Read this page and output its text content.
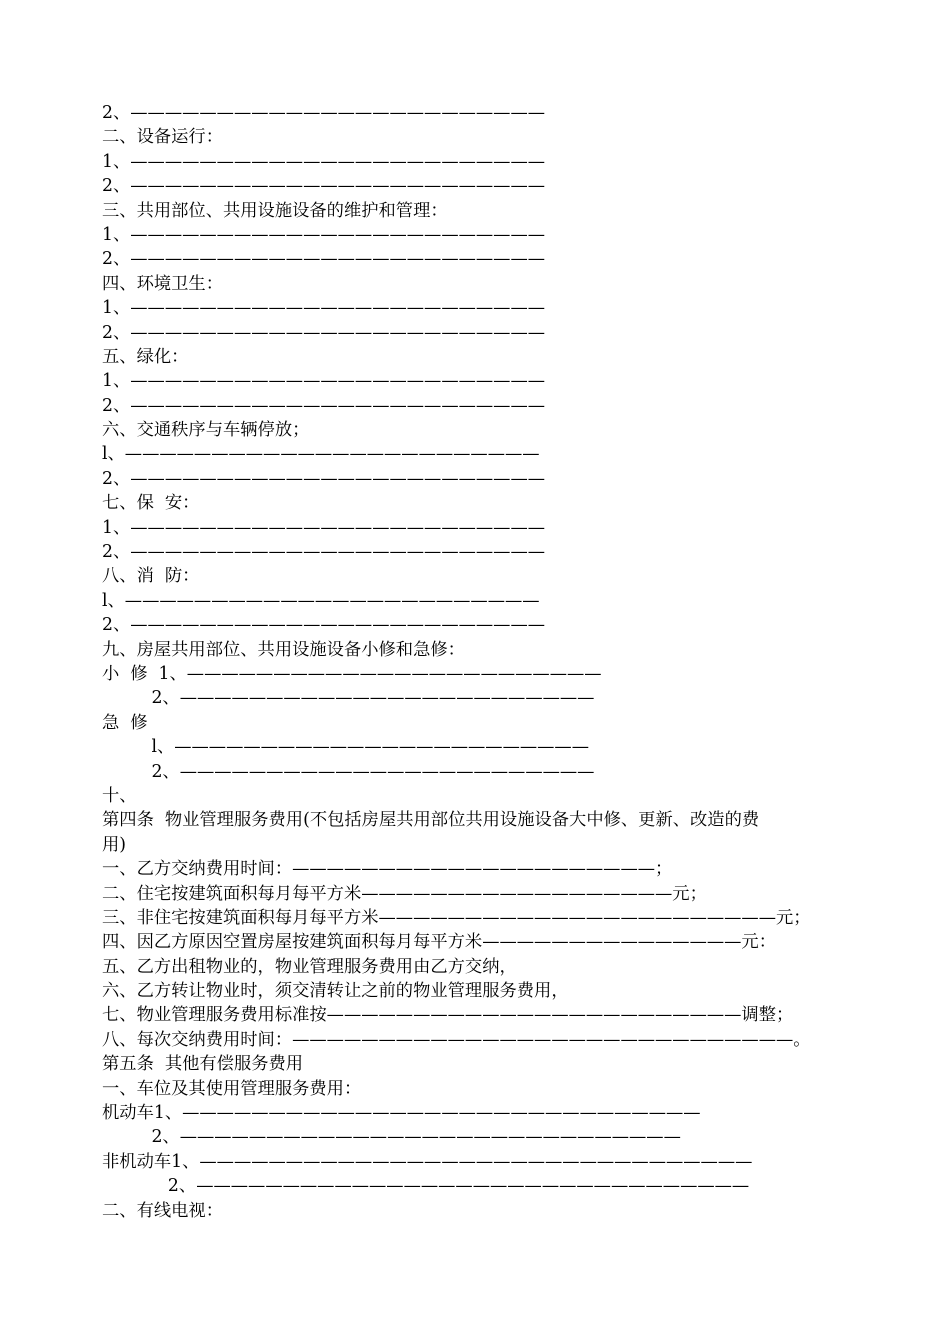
2、————————————————————————
二、设备运行：
1、————————————————————————
2、————————————————————————
三、共用部位、共用设施设备的维护和管理：
1、————————————————————————
2、————————————————————————
四、环境卫生：
1、————————————————————————
2、————————————————————————
五、绿化：
1、————————————————————————
2、————————————————————————
六、交通秩序与车辆停放；
l、————————————————————————
2、————————————————————————
七、保  安：
1、————————————————————————
2、————————————————————————
八、消  防：
l、————————————————————————
2、————————————————————————
九、房屋共用部位、共用设施设备小修和急修：
小  修  1、————————————————————————
2、————————————————————————
急  修
l、————————————————————————
2、————————————————————————
十、
第四条  物业管理服务费用(不包括房屋共用部位共用设施设备大中修、更新、改造的费
用)
一、乙方交纳费用时间：—————————————————————；
二、住宅按建筑面积每月每平方米——————————————————元；
三、非住宅按建筑面积每月每平方米———————————————————————元；
四、因乙方原因空置房屋按建筑面积每月每平方米———————————————元：
五、乙方出租物业的，物业管理服务费用由乙方交纳，
六、乙方转让物业时，须交清转让之前的物业管理服务费用，
七、物业管理服务费用标准按————————————————————————调整；
八、每次交纳费用时间：—————————————————————————————。
第五条  其他有偿服务费用
一、车位及其使用管理服务费用：
机动车1、——————————————————————————————
2、—————————————————————————————
非机动车1、————————————————————————————————
2、————————————————————————————————
二、有线电视：
